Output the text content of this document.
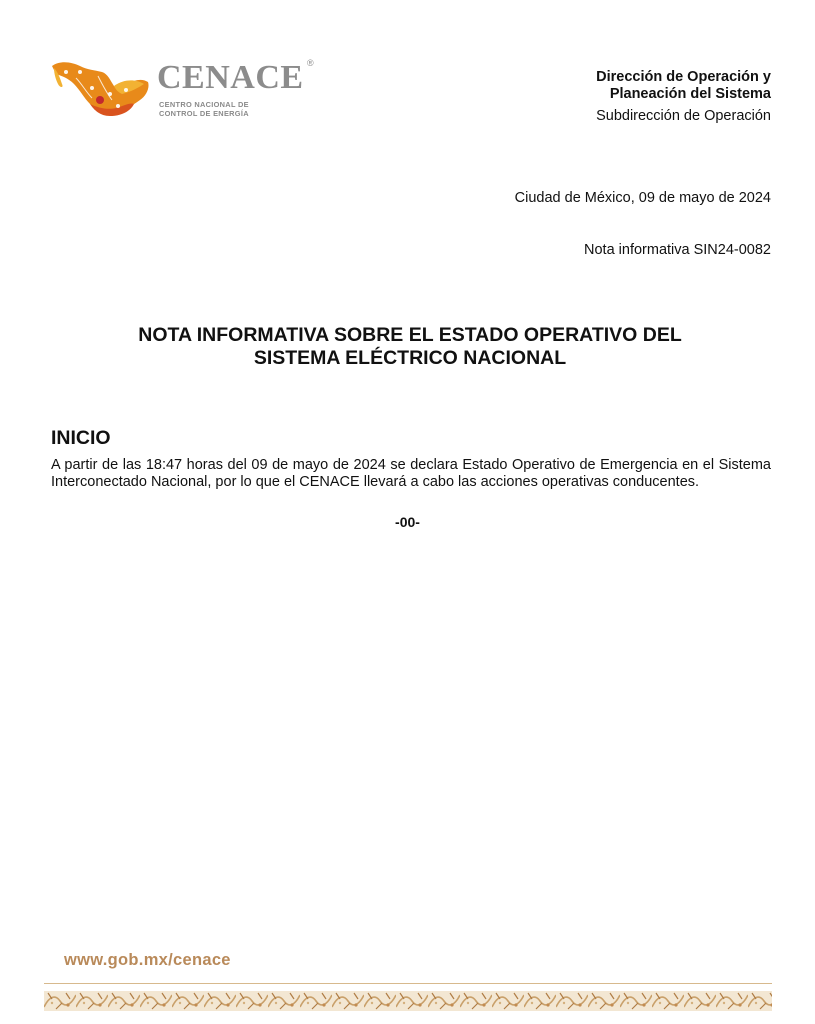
CENACE ®
CENTRO NACIONAL DE
CONTROL DE ENERGÍA
Dirección de Operación y
Planeación del Sistema
Subdirección de Operación
Ciudad de México, 09 de mayo de 2024
Nota informativa SIN24-0082
NOTA INFORMATIVA SOBRE EL ESTADO OPERATIVO DEL
SISTEMA ELÉCTRICO NACIONAL
INICIO
A partir de las 18:47 horas del 09 de mayo de 2024 se declara Estado Operativo de Emergencia en el Sistema Interconectado Nacional, por lo que el CENACE llevará a cabo las acciones operativas conducentes.
-00-
www.gob.mx/cenace
